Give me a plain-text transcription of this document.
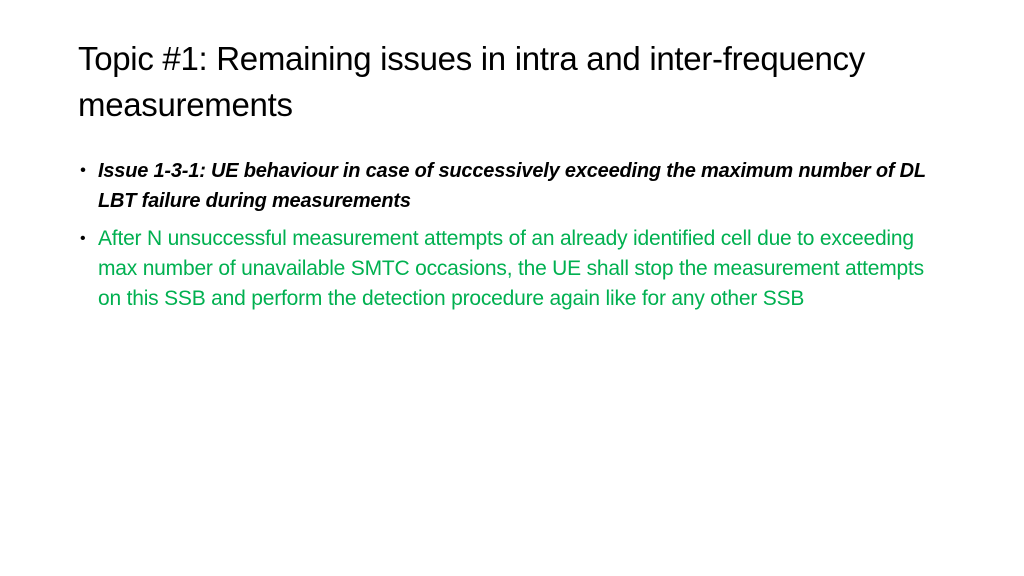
Topic #1: Remaining issues in intra and inter-frequency measurements
• Issue 1-3-1: UE behaviour in case of successively exceeding the maximum number of DL LBT failure during measurements
• After N unsuccessful measurement attempts of an already identified cell due to exceeding max number of unavailable SMTC occasions, the UE shall stop the measurement attempts on this SSB and perform the detection procedure again like for any other SSB
